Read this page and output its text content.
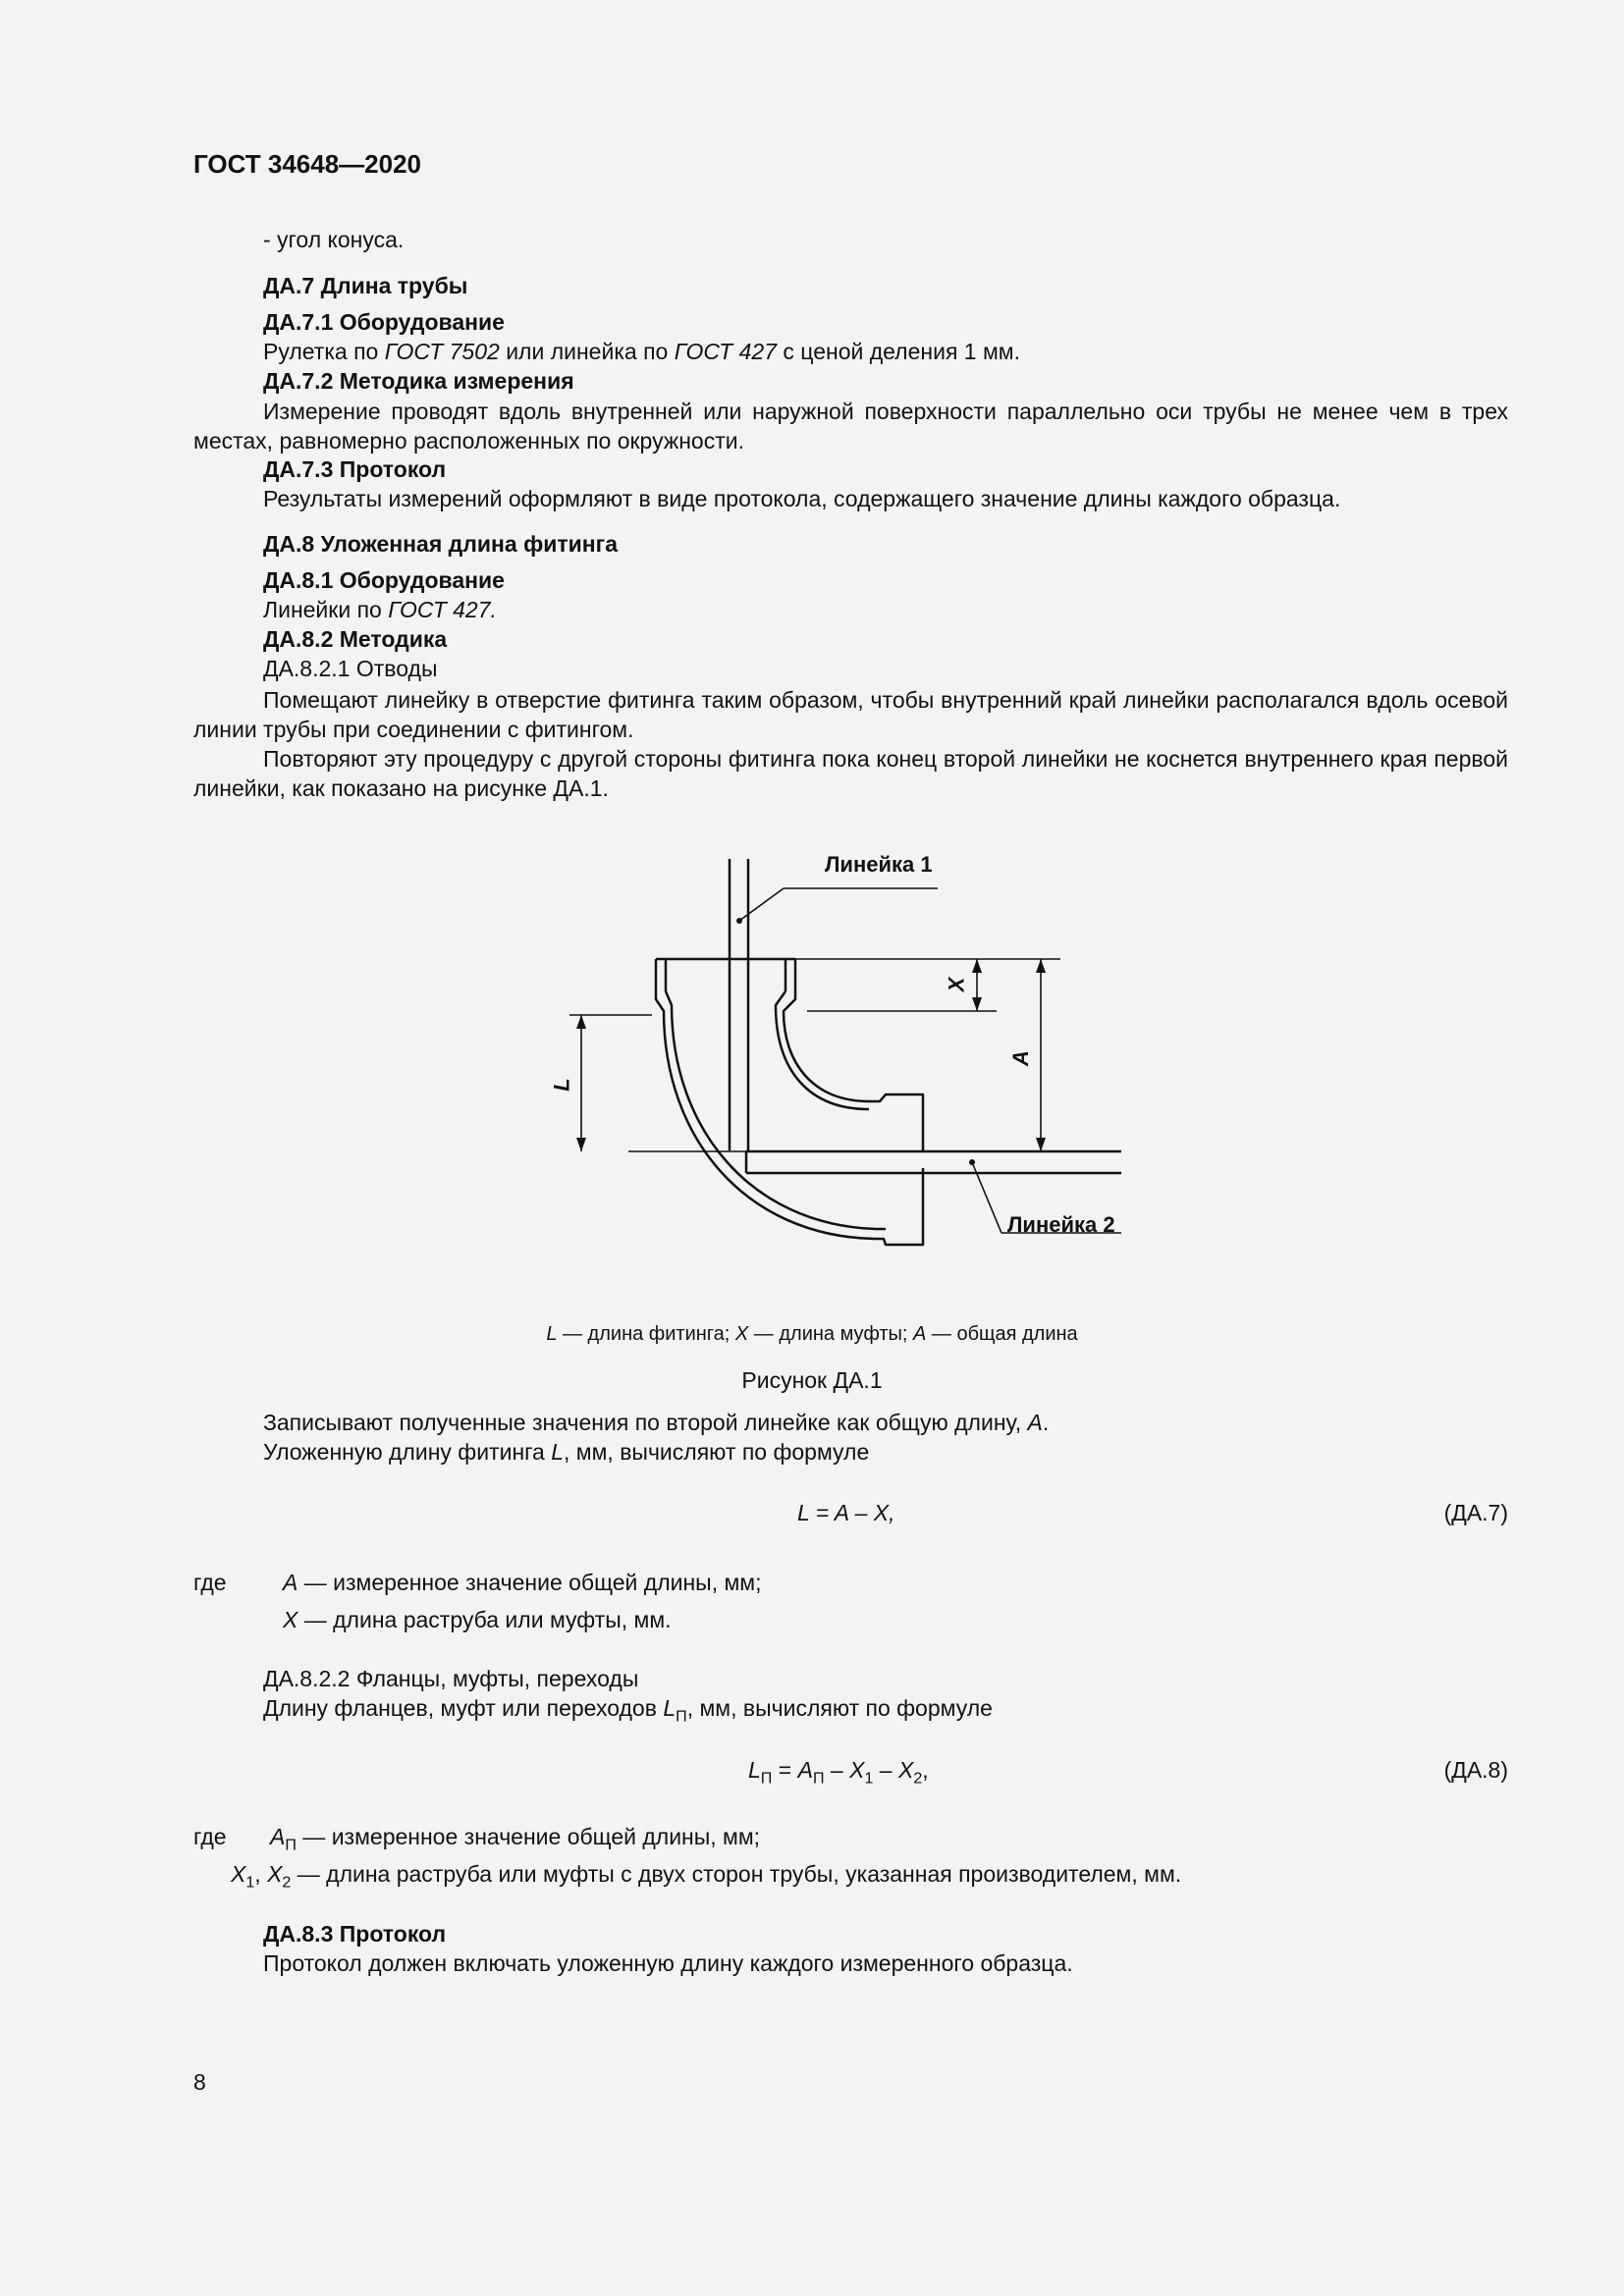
ГОСТ 34648—2020
- угол конуса.
ДА.7 Длина трубы
ДА.7.1 Оборудование
Рулетка по ГОСТ 7502 или линейка по ГОСТ 427 с ценой деления 1 мм.
ДА.7.2 Методика измерения
Измерение проводят вдоль внутренней или наружной поверхности параллельно оси трубы не менее чем в трех местах, равномерно расположенных по окружности.
ДА.7.3 Протокол
Результаты измерений оформляют в виде протокола, содержащего значение длины каждого образца.
ДА.8 Уложенная длина фитинга
ДА.8.1 Оборудование
Линейки по ГОСТ 427.
ДА.8.2 Методика
ДА.8.2.1 Отводы
Помещают линейку в отверстие фитинга таким образом, чтобы внутренний край линейки располагался вдоль осевой линии трубы при соединении с фитингом.
Повторяют эту процедуру с другой стороны фитинга пока конец второй линейки не коснется внутреннего края первой линейки, как показано на рисунке ДА.1.
Линейка 1
Линейка 2
X
A
L
L — длина фитинга; X — длина муфты; A — общая длина
Рисунок ДА.1
Записывают полученные значения по второй линейке как общую длину, A.
Уложенную длину фитинга L, мм, вычисляют по формуле
L = A – X,	(ДА.7)
где A — измеренное значение общей длины, мм;
X — длина раструба или муфты, мм.
ДА.8.2.2 Фланцы, муфты, переходы
Длину фланцев, муфт или переходов $L_П$, мм, вычисляют по формуле
$L_П = A_П - X_1 - X_2$,	(ДА.8)
где $A_П$ — измеренное значение общей длины, мм;
$X_1$, $X_2$ — длина раструба или муфты с двух сторон трубы, указанная производителем, мм.
ДА.8.3 Протокол
Протокол должен включать уложенную длину каждого измеренного образца.
8
